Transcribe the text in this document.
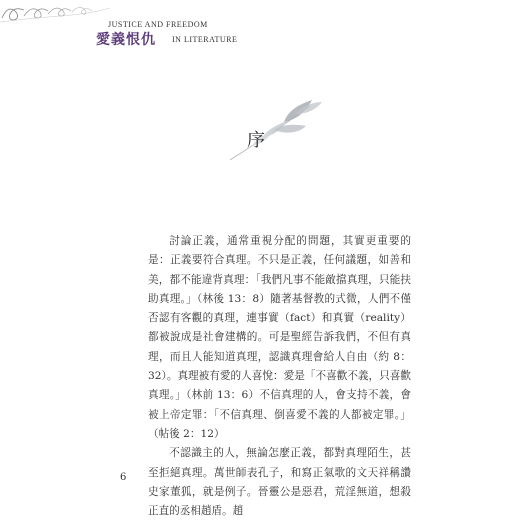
JUSTICE AND FREEDOM
愛義恨仇 IN LITERATURE
序

討論正義，通常重視分配的問題，其實更重要的是：正義要符合真理。不只是正義，任何議題，如善和美，都不能違背真理：「我們凡事不能敵擋真理，只能扶助真理。」（林後 13：8）隨著基督教的式微，人們不僅否認有客觀的真理，連事實（fact）和真實（reality）都被說成是社會建構的。可是聖經告訴我們，不但有真理，而且人能知道真理，認識真理會給人自由（約 8：32）。真理被有愛的人喜悅：愛是「不喜歡不義，只喜歡真理。」（林前 13：6）不信真理的人，會支持不義，會被上帝定罪：「不信真理、倒喜愛不義的人都被定罪。」（帖後 2：12）

不認識主的人，無論怎麼正義，都對真理陌生，甚至拒絕真理。萬世師表孔子，和寫正氣歌的文天祥稱讚史家董狐，就是例子。晉靈公是惡君，荒淫無道，想殺正直的丞相趙盾。趙

6
